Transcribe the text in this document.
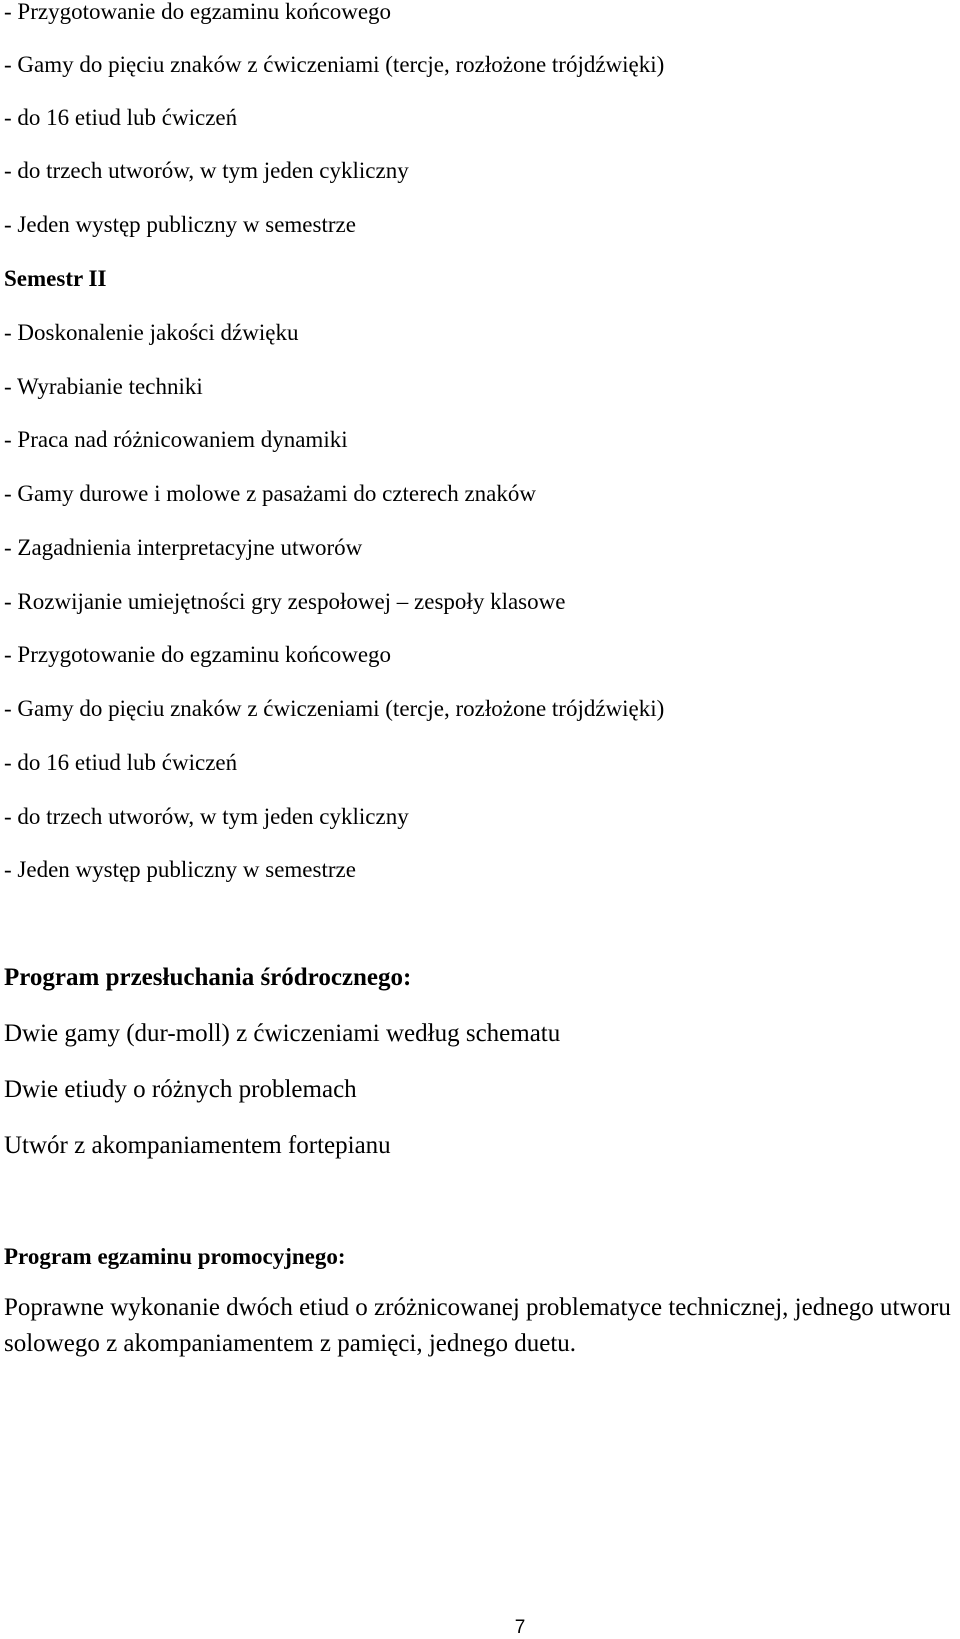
- Przygotowanie do egzaminu końcowego
- Gamy do pięciu znaków z ćwiczeniami (tercje, rozłożone trójdźwięki)
- do 16 etiud lub ćwiczeń
- do trzech utworów, w tym jeden cykliczny
- Jeden występ publiczny w semestrze
Semestr II
- Doskonalenie jakości dźwięku
- Wyrabianie techniki
- Praca nad różnicowaniem dynamiki
- Gamy durowe i molowe z pasażami do czterech znaków
- Zagadnienia interpretacyjne utworów
- Rozwijanie umiejętności gry zespołowej – zespoły klasowe
- Przygotowanie do egzaminu końcowego
- Gamy do pięciu znaków z ćwiczeniami (tercje, rozłożone trójdźwięki)
- do 16 etiud lub ćwiczeń
- do trzech utworów, w tym jeden cykliczny
- Jeden występ publiczny w semestrze
Program przesłuchania śródrocznego:
Dwie gamy (dur-moll) z ćwiczeniami według schematu
Dwie etiudy o różnych problemach
Utwór z akompaniamentem fortepianu
Program egzaminu promocyjnego:
Poprawne wykonanie dwóch etiud o zróżnicowanej problematyce technicznej, jednego utworu solowego z akompaniamentem z pamięci, jednego duetu.
7
